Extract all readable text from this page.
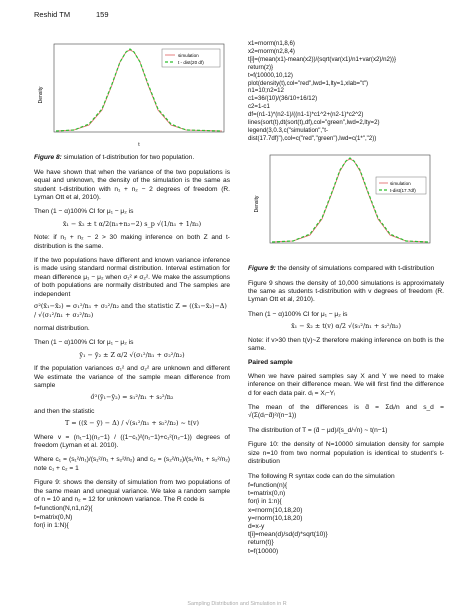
Reshid TM	159
Density
t
simulation
t - dist(20 df)
Figure 8: simulation of t-distribution for two population.

We have shown that when the variance of the two populations is equal and unknown, the density of the simulation is the same as student t-distribution with n₁ + n₂ − 2 degrees of freedom (R. Lyman Ott et al, 2010).

Then (1 − α)100% CI for μ₁ − μ₂ is

x̄₁ − x̄₂ ± t α/2(n₁+n₂−2) s_p √(1/n₁ + 1/n₂)

Note: if n₁ + n₂ − 2 > 30 making inference on both Z and t-distribution is the same.

If the two populations have different and known variance inference is made using standard normal distribution. Interval estimation for mean difference μ₁ − μ₂ when σ₁² ≠ σ₂². We make the assumptions of both populations are normally distributed and The samples are independent

σ²(x̄₁−x̄₂) = σ₁²/n₁ + σ₂²/n₂ and the statistic Z = ((x̄₁−x̄₂)−Δ) / √(σ₁²/n₁ + σ₂²/n₂)

normal distribution.

Then (1 − α)100% CI for μ₁ − μ₂ is

ȳ₁ − ȳ₂ ± Z α/2 √(σ₁²/n₁ + σ₂²/n₂)

If the population variances σ₁² and σ₂² are unknown and different We estimate the variance of the sample mean difference from sample

σ̂²(ȳ₁−ȳ₂) = s₁²/n₁ + s₂²/n₂

and then the statistic

T = ((x̄ − ȳ) − Δ) / √(s₁²/n₁ + s₂²/n₂) ~ t(v)

Where v = (n₁−1)(n₂−1) / ((1−c₁)²(n₁−1)+c₁²(n₂−1)) degrees of freedom (Lyman et al. 2010).

Where c₁ = (s₁²/n₁)/(s₁²/n₁ + s₂²/n₂) and c₂ = (s₂²/n₂)/(s₁²/n₁ + s₂²/n₂) note c₁ + c₂ = 1

Figure 9: shows the density of simulation from two populations of the same mean and unequal variance. We take a random sample of n = 10 and n₂ = 12 for unknown variance. The R code is

f=function(N,n1,n2){
t=matrix(0,N)
for(i in 1:N){
x1=rnorm(n1,8,6)
x2=rnorm(n2,8,4)
t[i]=(mean(x1)-mean(x2))/(sqrt(var(x1)/n1+var(x2)/n2))}
return(z)}
t=f(10000,10,12)
plot(density(t),col="red",lwd=1,lty=1,xlab="t")
n1=10;n2=12
c1=36/(10)/(36/10+16/12)
c2=1-c1
df=(n1-1)*(n2-1)/((n1-1)*c1^2+(n2-1)*c2^2)
lines(sort(t),dt(sort(t),df),col="green",lwd=2,lty=2)
legend(3,0.3,c("simulation","t-
dist(17.7df)"),col=c("red","green"),lwd=c(1*","2))
Density
simulation
t-dist(17.7df)
Figure 9: the density of simulations compared with t-distribution

Figure 9 shows the density of 10,000 simulations is approximately the same as students t-distribution with v degrees of freedom (R. Lyman Ott et al, 2010).

Then (1 − α)100% CI for μ₁ − μ₂ is

x̄₁ − x̄₂ ± t(v) α/2 √(s₁²/n₁ + s₂²/n₂)

Note: if v>30 then t(v)~Z therefore making inference on both is the same.

Paired sample

When we have paired samples say X and Y we need to make inference on their difference mean. We will first find the difference d for each data pair. dᵢ = Xᵢ−Yᵢ

The mean of the differences is d̄ = Σdᵢ/n and s_d = √(Σ(dᵢ−d̄)²/(n−1))

The distribution of T = (d̄ − μd)/(s_d/√n) ~ t(n−1)

Figure 10: the density of N=10000 simulation density for sample size n=10 from two normal population is identical to student's t-distribution

The following R syntax code can do the simulation

f=function(n){
t=matrix(0,n)
for(i in 1:n){
x=rnorm(10,18,20)
y=rnorm(10,18,20)
d=x-y
t[i]=mean(d)/sd(d)*sqrt(10)}
return(t)}
t=f(10000)
Sampling Distribution and Simulation in R
